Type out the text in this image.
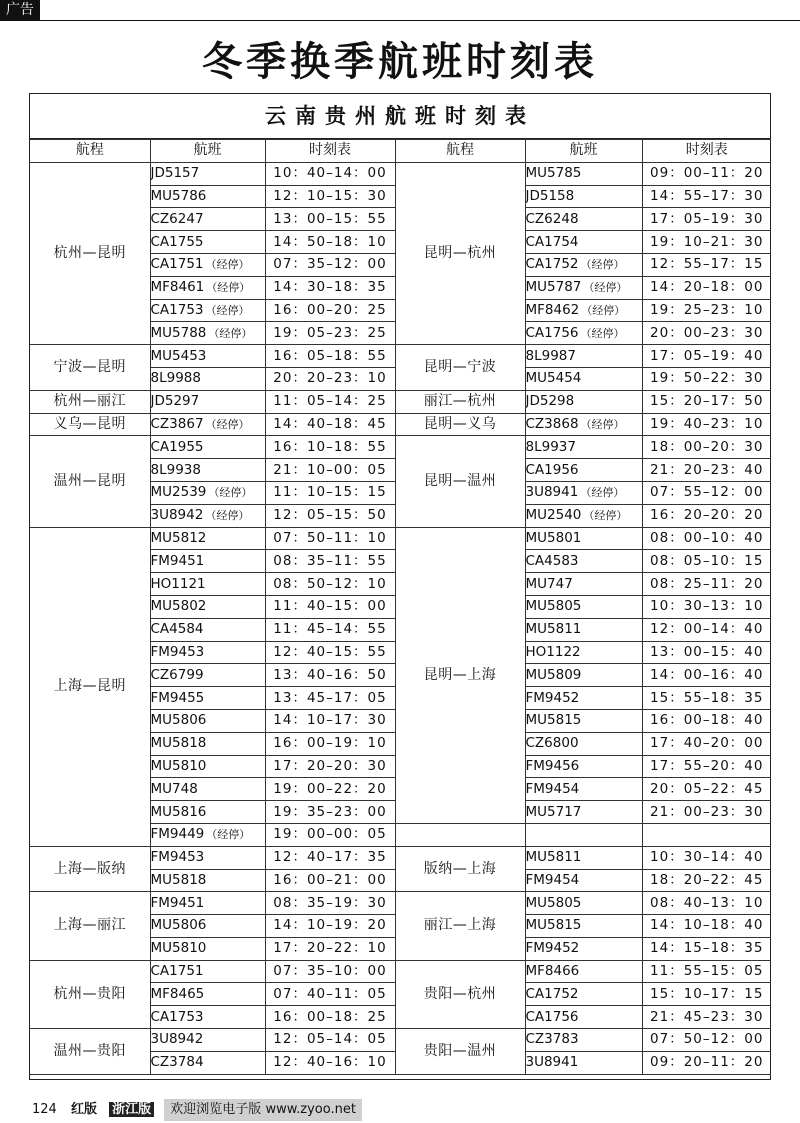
广告
冬季换季航班时刻表
云南贵州航班时刻表
航程	航班	时刻表	航程	航班	时刻表
杭州—昆明	JD5157	10：40–14：00	昆明—杭州	MU5785	09：00–11：20
	MU5786	12：10–15：30		JD5158	14：55–17：30
	CZ6247	13：00–15：55		CZ6248	17：05–19：30
	CA1755	14：50–18：10		CA1754	19：10–21：30
	CA1751 （经停）	07：35–12：00		CA1752 （经停）	12：55–17：15
	MF8461 （经停）	14：30–18：35		MU5787 （经停）	14：20–18：00
	CA1753 （经停）	16：00–20：25		MF8462 （经停）	19：25–23：10
	MU5788 （经停）	19：05–23：25		CA1756 （经停）	20：00–23：30
宁波—昆明	MU5453	16：05–18：55	昆明—宁波	8L9987	17：05–19：40
	8L9988	20：20–23：10		MU5454	19：50–22：30
杭州—丽江	JD5297	11：05–14：25	丽江—杭州	JD5298	15：20–17：50
义乌—昆明	CZ3867 （经停）	14：40–18：45	昆明—义乌	CZ3868 （经停）	19：40–23：10
温州—昆明	CA1955	16：10–18：55	昆明—温州	8L9937	18：00–20：30
	8L9938	21：10–00：05		CA1956	21：20–23：40
	MU2539 （经停）	11：10–15：15		3U8941 （经停）	07：55–12：00
	3U8942 （经停）	12：05–15：50		MU2540 （经停）	16：20–20：20
上海—昆明	MU5812	07：50–11：10	昆明—上海	MU5801	08：00–10：40
	FM9451	08：35–11：55		CA4583	08：05–10：15
	HO1121	08：50–12：10		MU747	08：25–11：20
	MU5802	11：40–15：00		MU5805	10：30–13：10
	CA4584	11：45–14：55		MU5811	12：00–14：40
	FM9453	12：40–15：55		HO1122	13：00–15：40
	CZ6799	13：40–16：50		MU5809	14：00–16：40
	FM9455	13：45–17：05		FM9452	15：55–18：35
	MU5806	14：10–17：30		MU5815	16：00–18：40
	MU5818	16：00–19：10		CZ6800	17：40–20：00
	MU5810	17：20–20：30		FM9456	17：55–20：40
	MU748	19：00–22：20		FM9454	20：05–22：45
	MU5816	19：35–23：00		MU5717	21：00–23：30
	FM9449 （经停）	19：00–00：05			
上海—版纳	FM9453	12：40–17：35	版纳—上海	MU5811	10：30–14：40
	MU5818	16：00–21：00		FM9454	18：20–22：45
上海—丽江	FM9451	08：35–19：30	丽江—上海	MU5805	08：40–13：10
	MU5806	14：10–19：20		MU5815	14：10–18：40
	MU5810	17：20–22：10		FM9452	14：15–18：35
杭州—贵阳	CA1751	07：35–10：00	贵阳—杭州	MF8466	11：55–15：05
	MF8465	07：40–11：05		CA1752	15：10–17：15
	CA1753	16：00–18：25		CA1756	21：45–23：30
温州—贵阳	3U8942	12：05–14：05	贵阳—温州	CZ3783	07：50–12：00
	CZ3784	12：40–16：10		3U8941	09：20–11：20
124 红版 浙江版 欢迎浏览电子版 www.zyoo.net
